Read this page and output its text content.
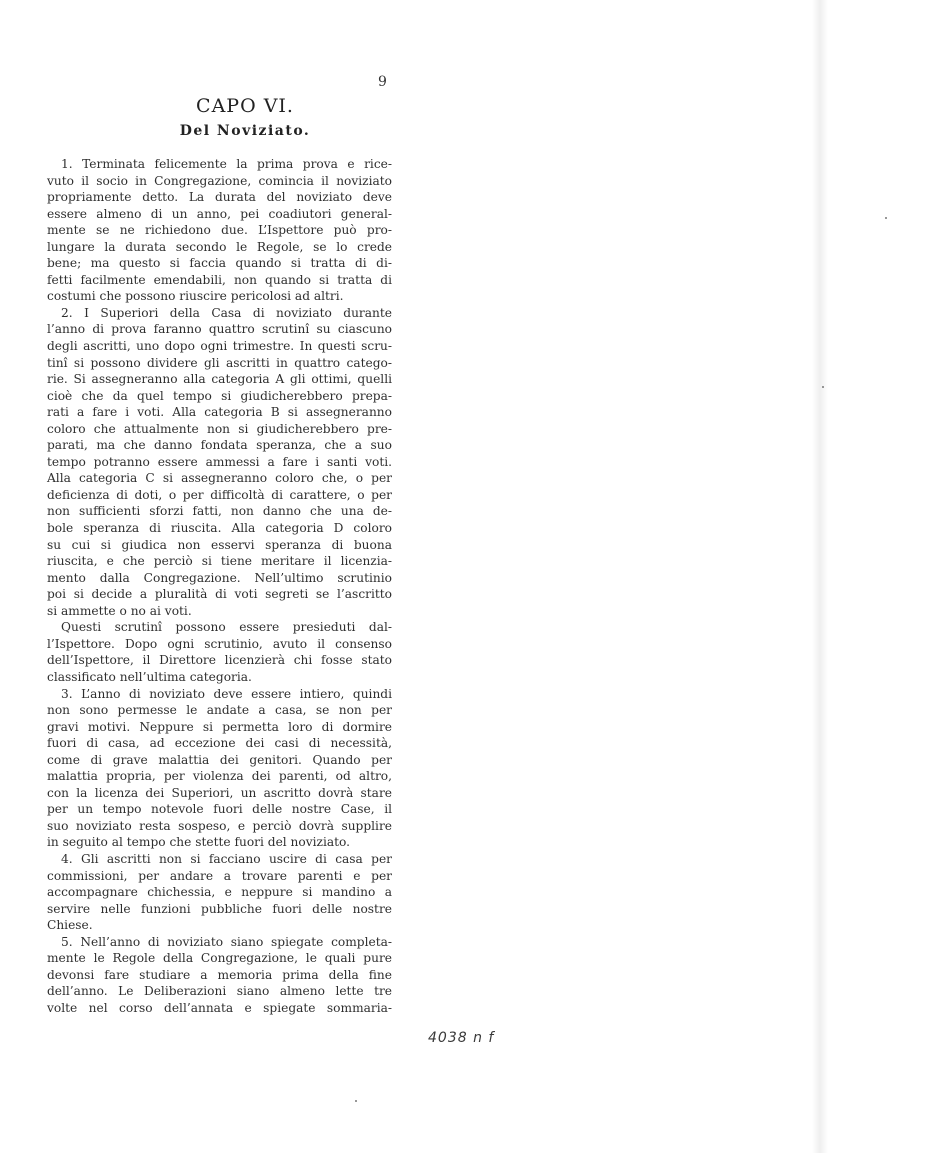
9
CAPO VI.
Del Noviziato.
1. Terminata felicemente la prima prova e rice-
vuto il socio in Congregazione, comincia il noviziato
propriamente detto. La durata del noviziato deve
essere almeno di un anno, pei coadiutori general-
mente se ne richiedono due. L’Ispettore può pro-
lungare la durata secondo le Regole, se lo crede
bene; ma questo si faccia quando si tratta di di-
fetti facilmente emendabili, non quando si tratta di
costumi che possono riuscire pericolosi ad altri.
2. I Superiori della Casa di noviziato durante
l’anno di prova faranno quattro scrutinî su ciascuno
degli ascritti, uno dopo ogni trimestre. In questi scru-
tinî si possono dividere gli ascritti in quattro catego-
rie. Si assegneranno alla categoria A gli ottimi, quelli
cioè che da quel tempo si giudicherebbero prepa-
rati a fare i voti. Alla categoria B si assegneranno
coloro che attualmente non si giudicherebbero pre-
parati, ma che danno fondata speranza, che a suo
tempo potranno essere ammessi a fare i santi voti.
Alla categoria C si assegneranno coloro che, o per
deficienza di doti, o per difficoltà di carattere, o per
non sufficienti sforzi fatti, non danno che una de-
bole speranza di riuscita. Alla categoria D coloro
su cui si giudica non esservi speranza di buona
riuscita, e che perciò si tiene meritare il licenzia-
mento dalla Congregazione. Nell’ultimo scrutinio
poi si decide a pluralità di voti segreti se l’ascritto
si ammette o no ai voti.
Questi scrutinî possono essere presieduti dal-
l’Ispettore. Dopo ogni scrutinio, avuto il consenso
dell’Ispettore, il Direttore licenzierà chi fosse stato
classificato nell’ultima categoria.
3. L’anno di noviziato deve essere intiero, quindi
non sono permesse le andate a casa, se non per
gravi motivi. Neppure si permetta loro di dormire
fuori di casa, ad eccezione dei casi di necessità,
come di grave malattia dei genitori. Quando per
malattia propria, per violenza dei parenti, od altro,
con la licenza dei Superiori, un ascritto dovrà stare
per un tempo notevole fuori delle nostre Case, il
suo noviziato resta sospeso, e perciò dovrà supplire
in seguito al tempo che stette fuori del noviziato.
4. Gli ascritti non si facciano uscire di casa per
commissioni, per andare a trovare parenti e per
accompagnare chichessia, e neppure si mandino a
servire nelle funzioni pubbliche fuori delle nostre
Chiese.
5. Nell’anno di noviziato siano spiegate completa-
mente le Regole della Congregazione, le quali pure
devonsi fare studiare a memoria prima della fine
dell’anno. Le Deliberazioni siano almeno lette tre
volte nel corso dell’annata e spiegate sommaria-
4038 n f
